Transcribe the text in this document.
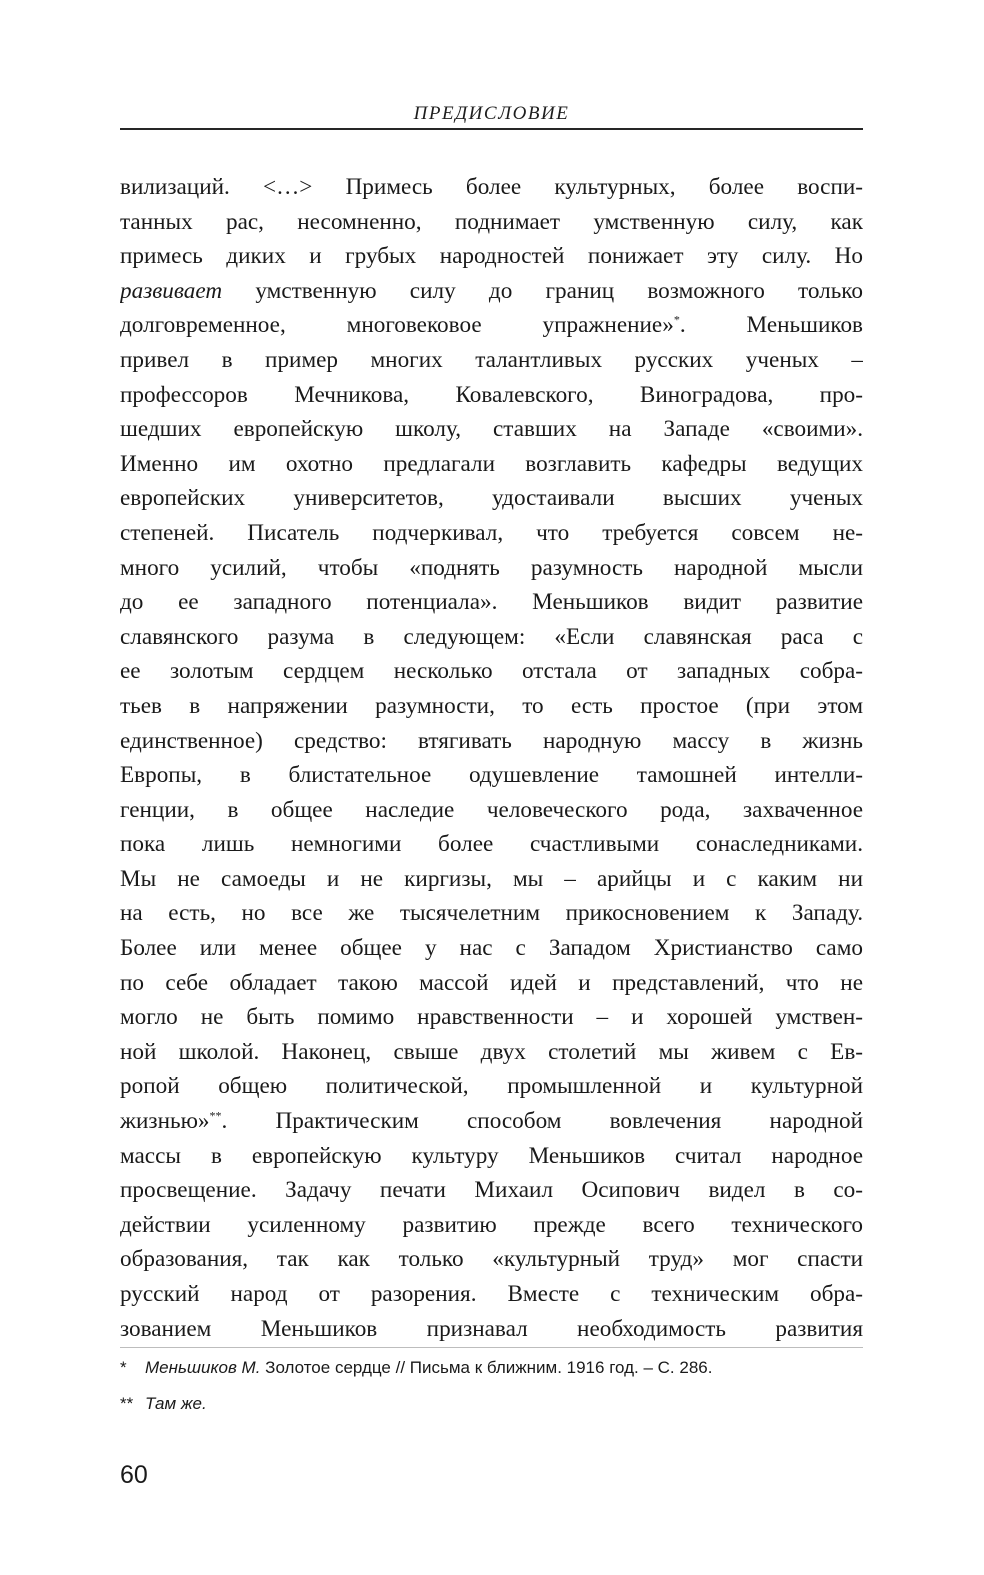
ПРЕДИСЛОВИЕ
вилизаций. <…> Примесь более культурных, более воспи-
танных рас, несомненно, поднимает умственную силу, как
примесь диких и грубых народностей понижает эту силу. Но
развивает умственную силу до границ возможного только
долговременное, многовековое упражнение»*. Меньшиков
привел в пример многих талантливых русских ученых –
профессоров Мечникова, Ковалевского, Виноградова, про-
шедших европейскую школу, ставших на Западе «своими».
Именно им охотно предлагали возглавить кафедры ведущих
европейских университетов, удостаивали высших ученых
степеней. Писатель подчеркивал, что требуется совсем не-
много усилий, чтобы «поднять разумность народной мысли
до ее западного потенциала». Меньшиков видит развитие
славянского разума в следующем: «Если славянская раса с
ее золотым сердцем несколько отстала от западных собра-
тьев в напряжении разумности, то есть простое (при этом
единственное) средство: втягивать народную массу в жизнь
Европы, в блистательное одушевление тамошней интелли-
генции, в общее наследие человеческого рода, захваченное
пока лишь немногими более счастливыми сонаследниками.
Мы не самоеды и не киргизы, мы – арийцы и с каким ни
на есть, но все же тысячелетним прикосновением к Западу.
Более или менее общее у нас с Западом Христианство само
по себе обладает такою массой идей и представлений, что не
могло не быть помимо нравственности – и хорошей умствен-
ной школой. Наконец, свыше двух столетий мы живем с Ев-
ропой общею политической, промышленной и культурной
жизнью»**. Практическим способом вовлечения народной
массы в европейскую культуру Меньшиков считал народное
просвещение. Задачу печати Михаил Осипович видел в со-
действии усиленному развитию прежде всего технического
образования, так как только «культурный труд» мог спасти
русский народ от разорения. Вместе с техническим обра-
зованием Меньшиков признавал необходимость развития
* Меньшиков М. Золотое сердце // Письма к ближним. 1916 год. – С. 286.
** Там же.
60
